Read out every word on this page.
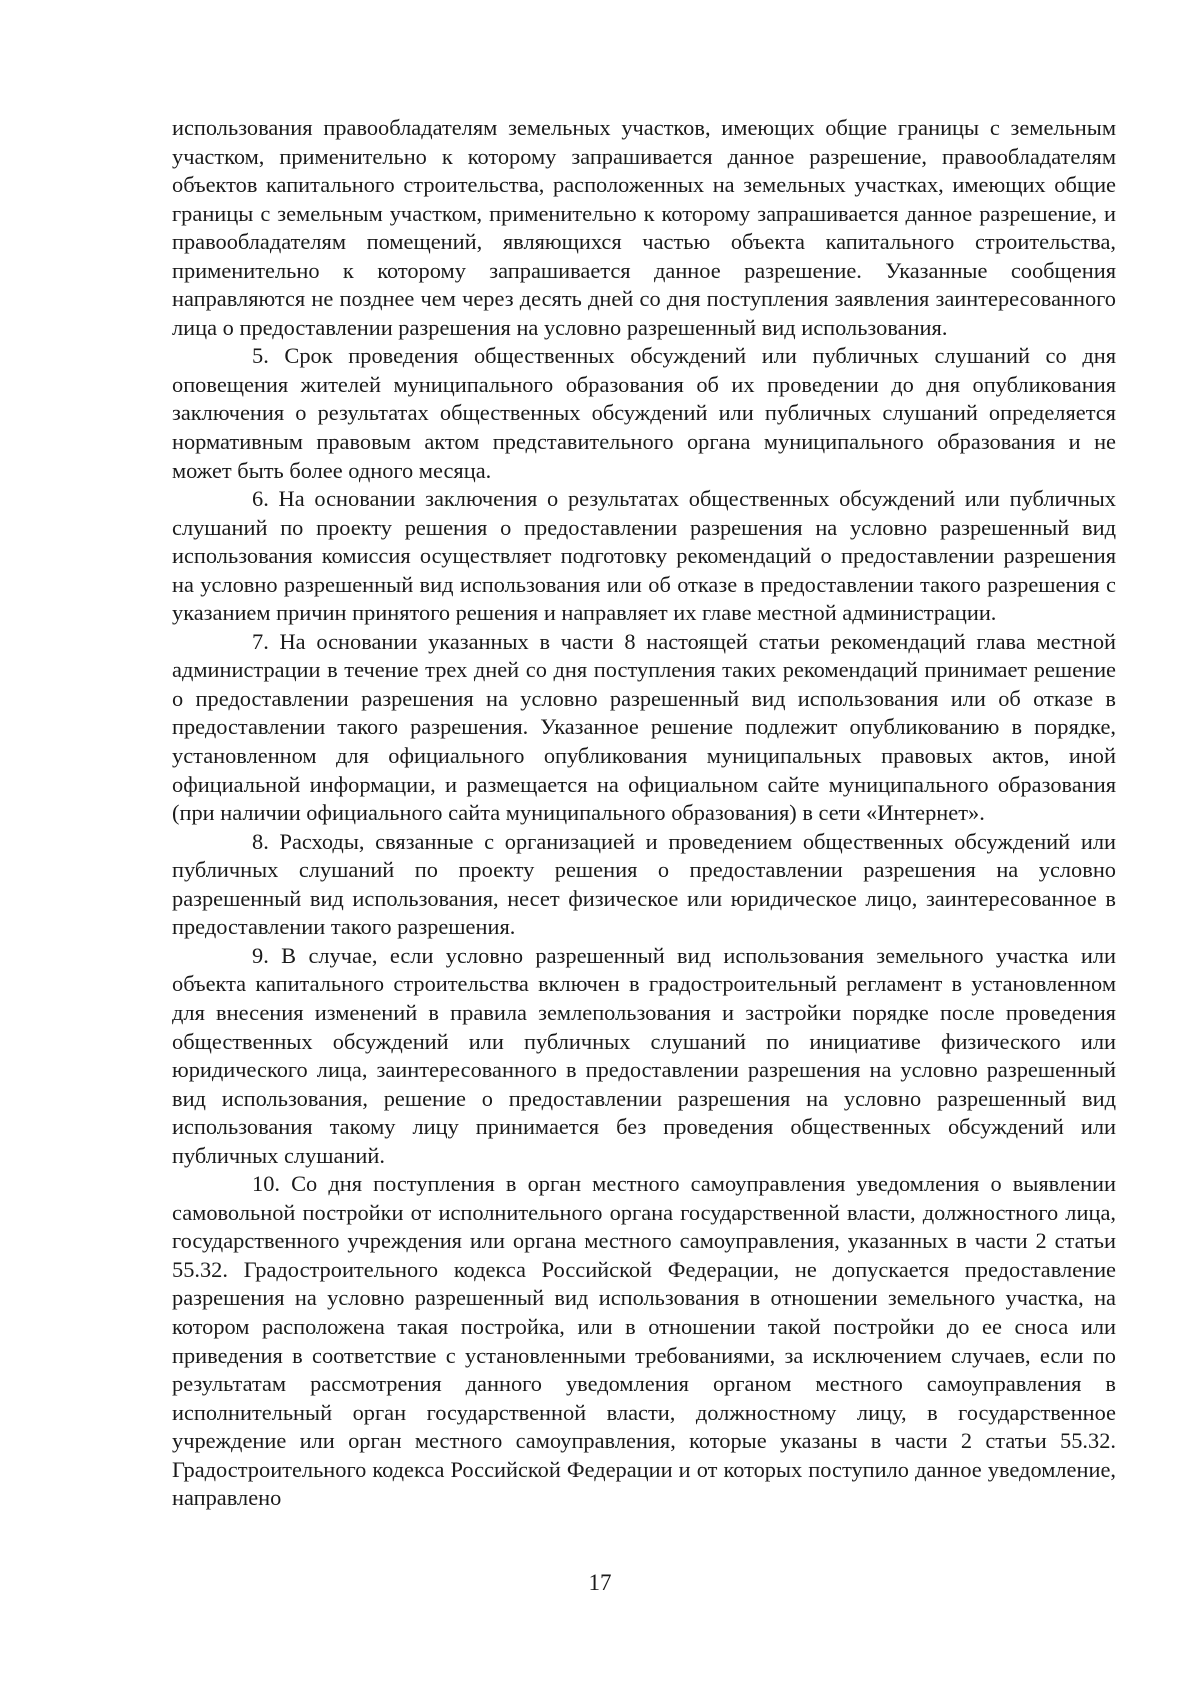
использования правообладателям земельных участков, имеющих общие границы с земельным участком, применительно к которому запрашивается данное разрешение, правообладателям объектов капитального строительства, расположенных на земельных участках, имеющих общие границы с земельным участком, применительно к которому запрашивается данное разрешение, и правообладателям помещений, являющихся частью объекта капитального строительства, применительно к которому запрашивается данное разрешение. Указанные сообщения направляются не позднее чем через десять дней со дня поступления заявления заинтересованного лица о предоставлении разрешения на условно разрешенный вид использования.

5. Срок проведения общественных обсуждений или публичных слушаний со дня оповещения жителей муниципального образования об их проведении до дня опубликования заключения о результатах общественных обсуждений или публичных слушаний определяется нормативным правовым актом представительного органа муниципального образования и не может быть более одного месяца.

6. На основании заключения о результатах общественных обсуждений или публичных слушаний по проекту решения о предоставлении разрешения на условно разрешенный вид использования комиссия осуществляет подготовку рекомендаций о предоставлении разрешения на условно разрешенный вид использования или об отказе в предоставлении такого разрешения с указанием причин принятого решения и направляет их главе местной администрации.

7. На основании указанных в части 8 настоящей статьи рекомендаций глава местной администрации в течение трех дней со дня поступления таких рекомендаций принимает решение о предоставлении разрешения на условно разрешенный вид использования или об отказе в предоставлении такого разрешения. Указанное решение подлежит опубликованию в порядке, установленном для официального опубликования муниципальных правовых актов, иной официальной информации, и размещается на официальном сайте муниципального образования (при наличии официального сайта муниципального образования) в сети «Интернет».

8. Расходы, связанные с организацией и проведением общественных обсуждений или публичных слушаний по проекту решения о предоставлении разрешения на условно разрешенный вид использования, несет физическое или юридическое лицо, заинтересованное в предоставлении такого разрешения.

9. В случае, если условно разрешенный вид использования земельного участка или объекта капитального строительства включен в градостроительный регламент в установленном для внесения изменений в правила землепользования и застройки порядке после проведения общественных обсуждений или публичных слушаний по инициативе физического или юридического лица, заинтересованного в предоставлении разрешения на условно разрешенный вид использования, решение о предоставлении разрешения на условно разрешенный вид использования такому лицу принимается без проведения общественных обсуждений или публичных слушаний.

10. Со дня поступления в орган местного самоуправления уведомления о выявлении самовольной постройки от исполнительного органа государственной власти, должностного лица, государственного учреждения или органа местного самоуправления, указанных в части 2 статьи 55.32. Градостроительного кодекса Российской Федерации, не допускается предоставление разрешения на условно разрешенный вид использования в отношении земельного участка, на котором расположена такая постройка, или в отношении такой постройки до ее сноса или приведения в соответствие с установленными требованиями, за исключением случаев, если по результатам рассмотрения данного уведомления органом местного самоуправления в исполнительный орган государственной власти, должностному лицу, в государственное учреждение или орган местного самоуправления, которые указаны в части 2 статьи 55.32. Градостроительного кодекса Российской Федерации и от которых поступило данное уведомление, направлено

17
